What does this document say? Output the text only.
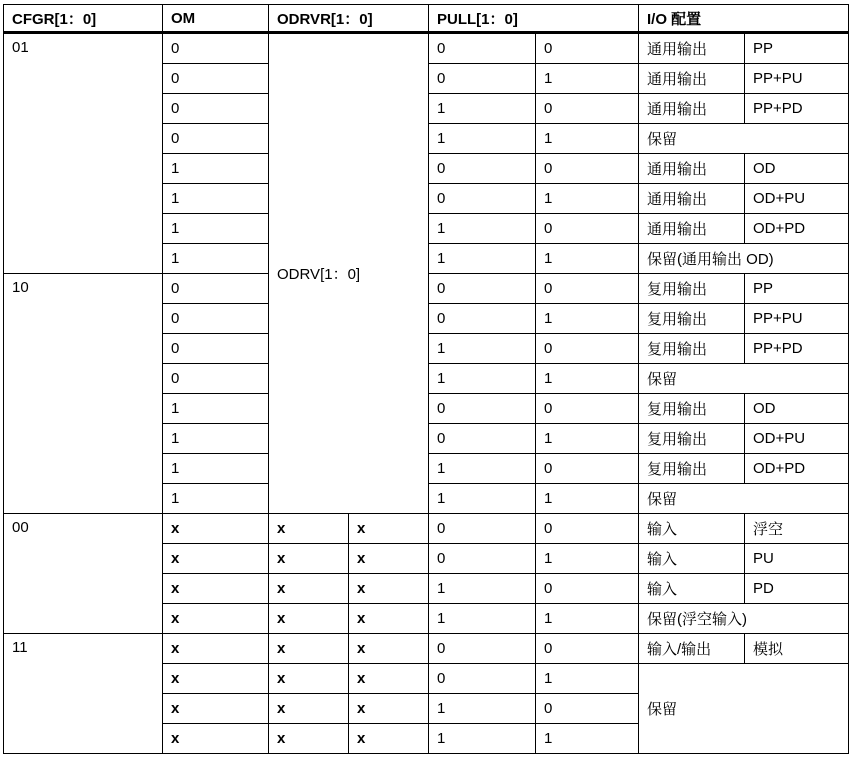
CFGR[1：0]	OM	ODRVR[1：0]		PULL[1：0]		I/O 配置	
01	0	ODRV[1：0]		0	0	通用输出	PP
	0			0	1	通用输出	PP+PU
	0			1	0	通用输出	PP+PD
	0			1	1	保留	
	1			0	0	通用输出	OD
	1			0	1	通用输出	OD+PU
	1			1	0	通用输出	OD+PD
	1			1	1	保留(通用输出 OD)	
10	0			0	0	复用输出	PP
	0			0	1	复用输出	PP+PU
	0			1	0	复用输出	PP+PD
	0			1	1	保留	
	1			0	0	复用输出	OD
	1			0	1	复用输出	OD+PU
	1			1	0	复用输出	OD+PD
	1			1	1	保留	
00	x	x	x	0	0	输入	浮空
	x	x	x	0	1	输入	PU
	x	x	x	1	0	输入	PD
	x	x	x	1	1	保留(浮空输入)	
11	x	x	x	0	0	输入/输出	模拟
	x	x	x	0	1	保留	
	x	x	x	1	0		
	x	x	x	1	1		
